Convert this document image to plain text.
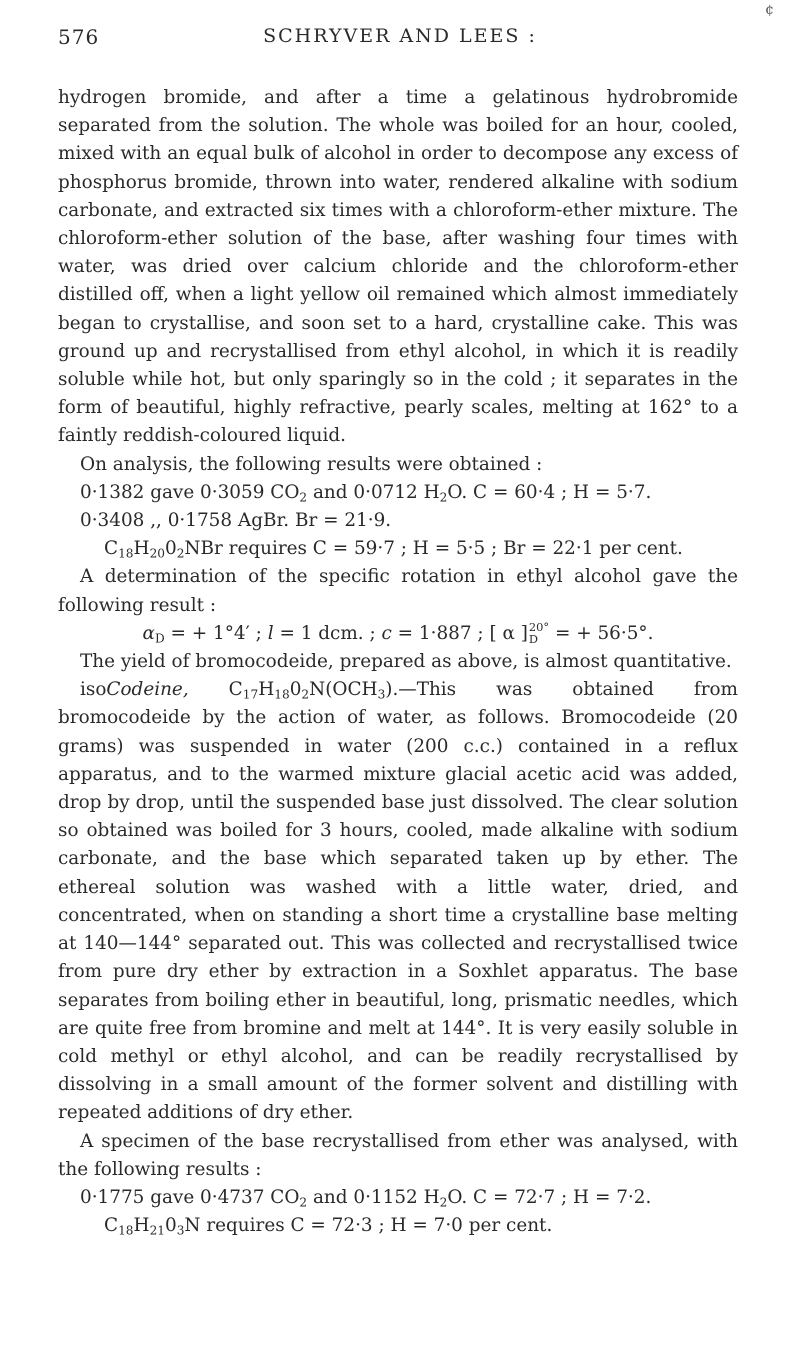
576	SCHRYVER AND LEES :
¢

hydrogen bromide, and after a time a gelatinous hydrobromide separated from the solution. The whole was boiled for an hour, cooled, mixed with an equal bulk of alcohol in order to decompose any excess of phosphorus bromide, thrown into water, rendered alkaline with sodium carbonate, and extracted six times with a chloroform-ether mixture. The chloroform-ether solution of the base, after washing four times with water, was dried over calcium chloride and the chloroform-ether distilled off, when a light yellow oil remained which almost immediately began to crystallise, and soon set to a hard, crystalline cake. This was ground up and recrystallised from ethyl alcohol, in which it is readily soluble while hot, but only sparingly so in the cold ; it separates in the form of beautiful, highly refractive, pearly scales, melting at 162° to a faintly reddish-coloured liquid.

On analysis, the following results were obtained :

0·1382 gave 0·3059 $CO_2$ and 0·0712 $H_2O$. C = 60·4 ; H = 5·7.
0·3408 ,, 0·1758 AgBr. Br = 21·9.
$C_{18}H_{20}0_2NBr$ requires C = 59·7 ; H = 5·5 ; Br = 22·1 per cent.

A determination of the specific rotation in ethyl alcohol gave the following result :

$\alpha_D$ = + 1°4′ ; l = 1 dcm. ; c = 1·887 ; [ α ] 20°
D = + 56·5°.

The yield of bromocodeide, prepared as above, is almost quantitative.

isoCodeine, $C_{17}H_{18}0_2N(OCH_3).—This$ was obtained from bromocodeide by the action of water, as follows. Bromocodeide (20 grams) was suspended in water (200 c.c.) contained in a reflux apparatus, and to the warmed mixture glacial acetic acid was added, drop by drop, until the suspended base just dissolved. The clear solution so obtained was boiled for 3 hours, cooled, made alkaline with sodium carbonate, and the base which separated taken up by ether. The ethereal solution was washed with a little water, dried, and concentrated, when on standing a short time a crystalline base melting at 140—144° separated out. This was collected and recrystallised twice from pure dry ether by extraction in a Soxhlet apparatus. The base separates from boiling ether in beautiful, long, prismatic needles, which are quite free from bromine and melt at 144°. It is very easily soluble in cold methyl or ethyl alcohol, and can be readily recrystallised by dissolving in a small amount of the former solvent and distilling with repeated additions of dry ether.

A specimen of the base recrystallised from ether was analysed, with the following results :

0·1775 gave 0·4737 $CO_2$ and 0·1152 $H_2O$. C = 72·7 ; H = 7·2.
$C_{18}H_{21}0_3N$ requires C = 72·3 ; H = 7·0 per cent.
